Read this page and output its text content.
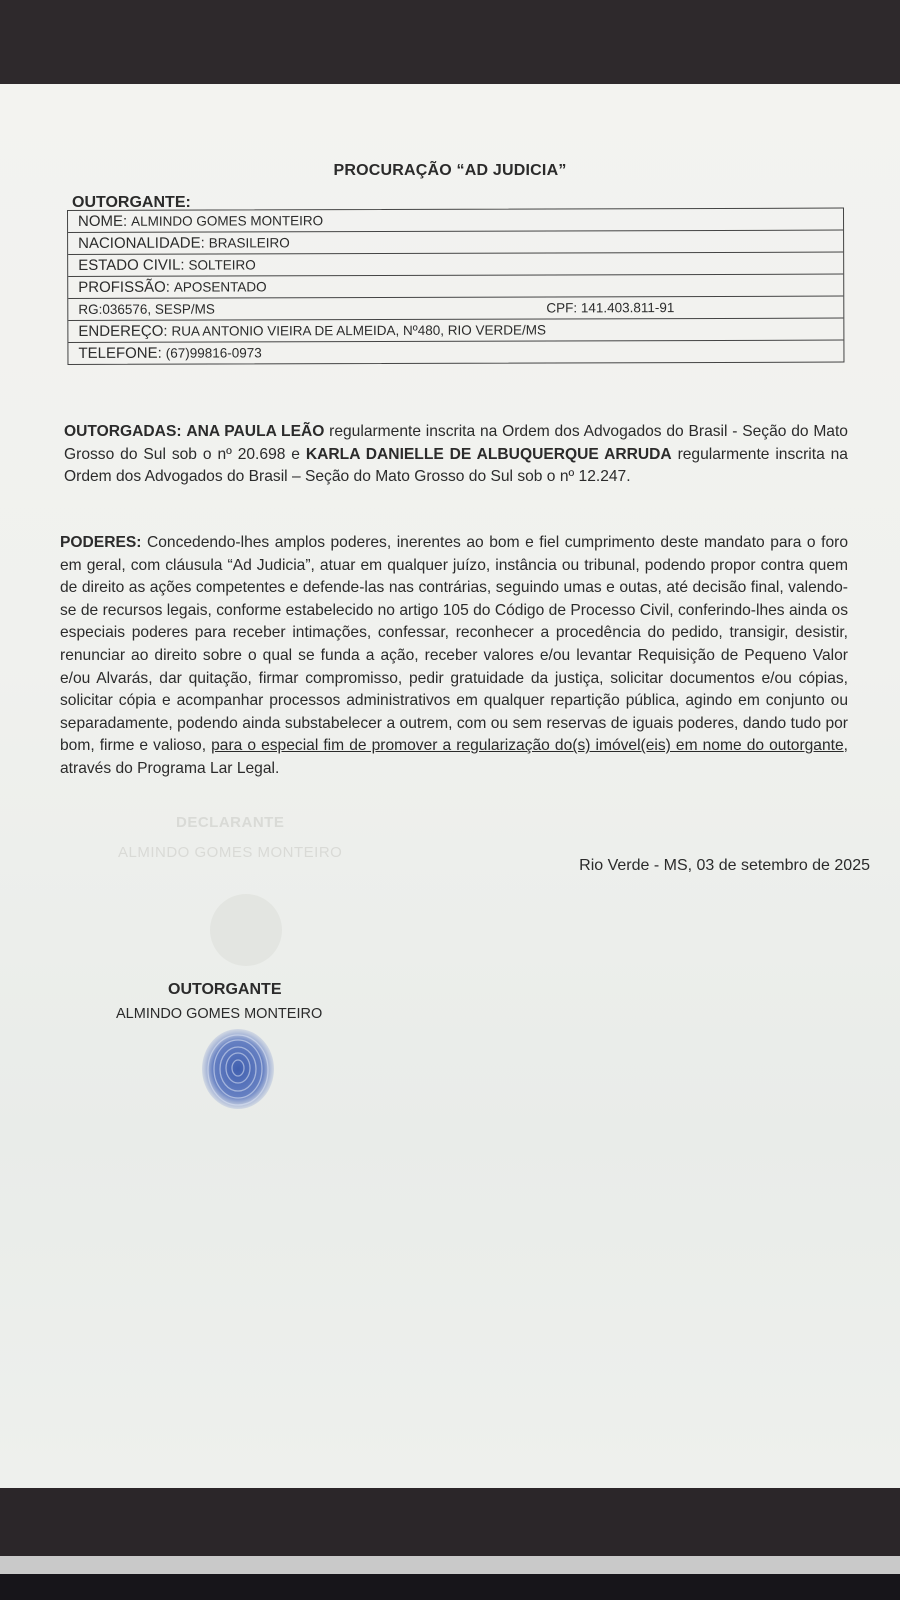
DECLARANTE
ALMINDO GOMES MONTEIRO
PROCURAÇÃO “AD JUDICIA”
OUTORGANTE:
NOME: ALMINDO GOMES MONTEIRO
NACIONALIDADE: BRASILEIRO
ESTADO CIVIL: SOLTEIRO
PROFISSÃO: APOSENTADO
RG:036576, SESP/MS	CPF: 141.403.811-91
ENDEREÇO: RUA ANTONIO VIEIRA DE ALMEIDA, Nº480, RIO VERDE/MS
TELEFONE: (67)99816-0973
OUTORGADAS: ANA PAULA LEÃO regularmente inscrita na Ordem dos Advogados do Brasil - Seção do Mato Grosso do Sul sob o nº 20.698 e KARLA DANIELLE DE ALBUQUERQUE ARRUDA regularmente inscrita na Ordem dos Advogados do Brasil – Seção do Mato Grosso do Sul sob o nº 12.247.
PODERES: Concedendo-lhes amplos poderes, inerentes ao bom e fiel cumprimento deste mandato para o foro em geral, com cláusula “Ad Judicia”, atuar em qualquer juízo, instância ou tribunal, podendo propor contra quem de direito as ações competentes e defende-las nas contrárias, seguindo umas e outas, até decisão final, valendo-se de recursos legais, conforme estabelecido no artigo 105 do Código de Processo Civil, conferindo-lhes ainda os especiais poderes para receber intimações, confessar, reconhecer a procedência do pedido, transigir, desistir, renunciar ao direito sobre o qual se funda a ação, receber valores e/ou levantar Requisição de Pequeno Valor e/ou Alvarás, dar quitação, firmar compromisso, pedir gratuidade da justiça, solicitar documentos e/ou cópias, solicitar cópia e acompanhar processos administrativos em qualquer repartição pública, agindo em conjunto ou separadamente, podendo ainda substabelecer a outrem, com ou sem reservas de iguais poderes, dando tudo por bom, firme e valioso, para o especial fim de promover a regularização do(s) imóvel(eis) em nome do outorgante, através do Programa Lar Legal.
Rio Verde - MS, 03 de setembro de 2025
OUTORGANTE
ALMINDO GOMES MONTEIRO
